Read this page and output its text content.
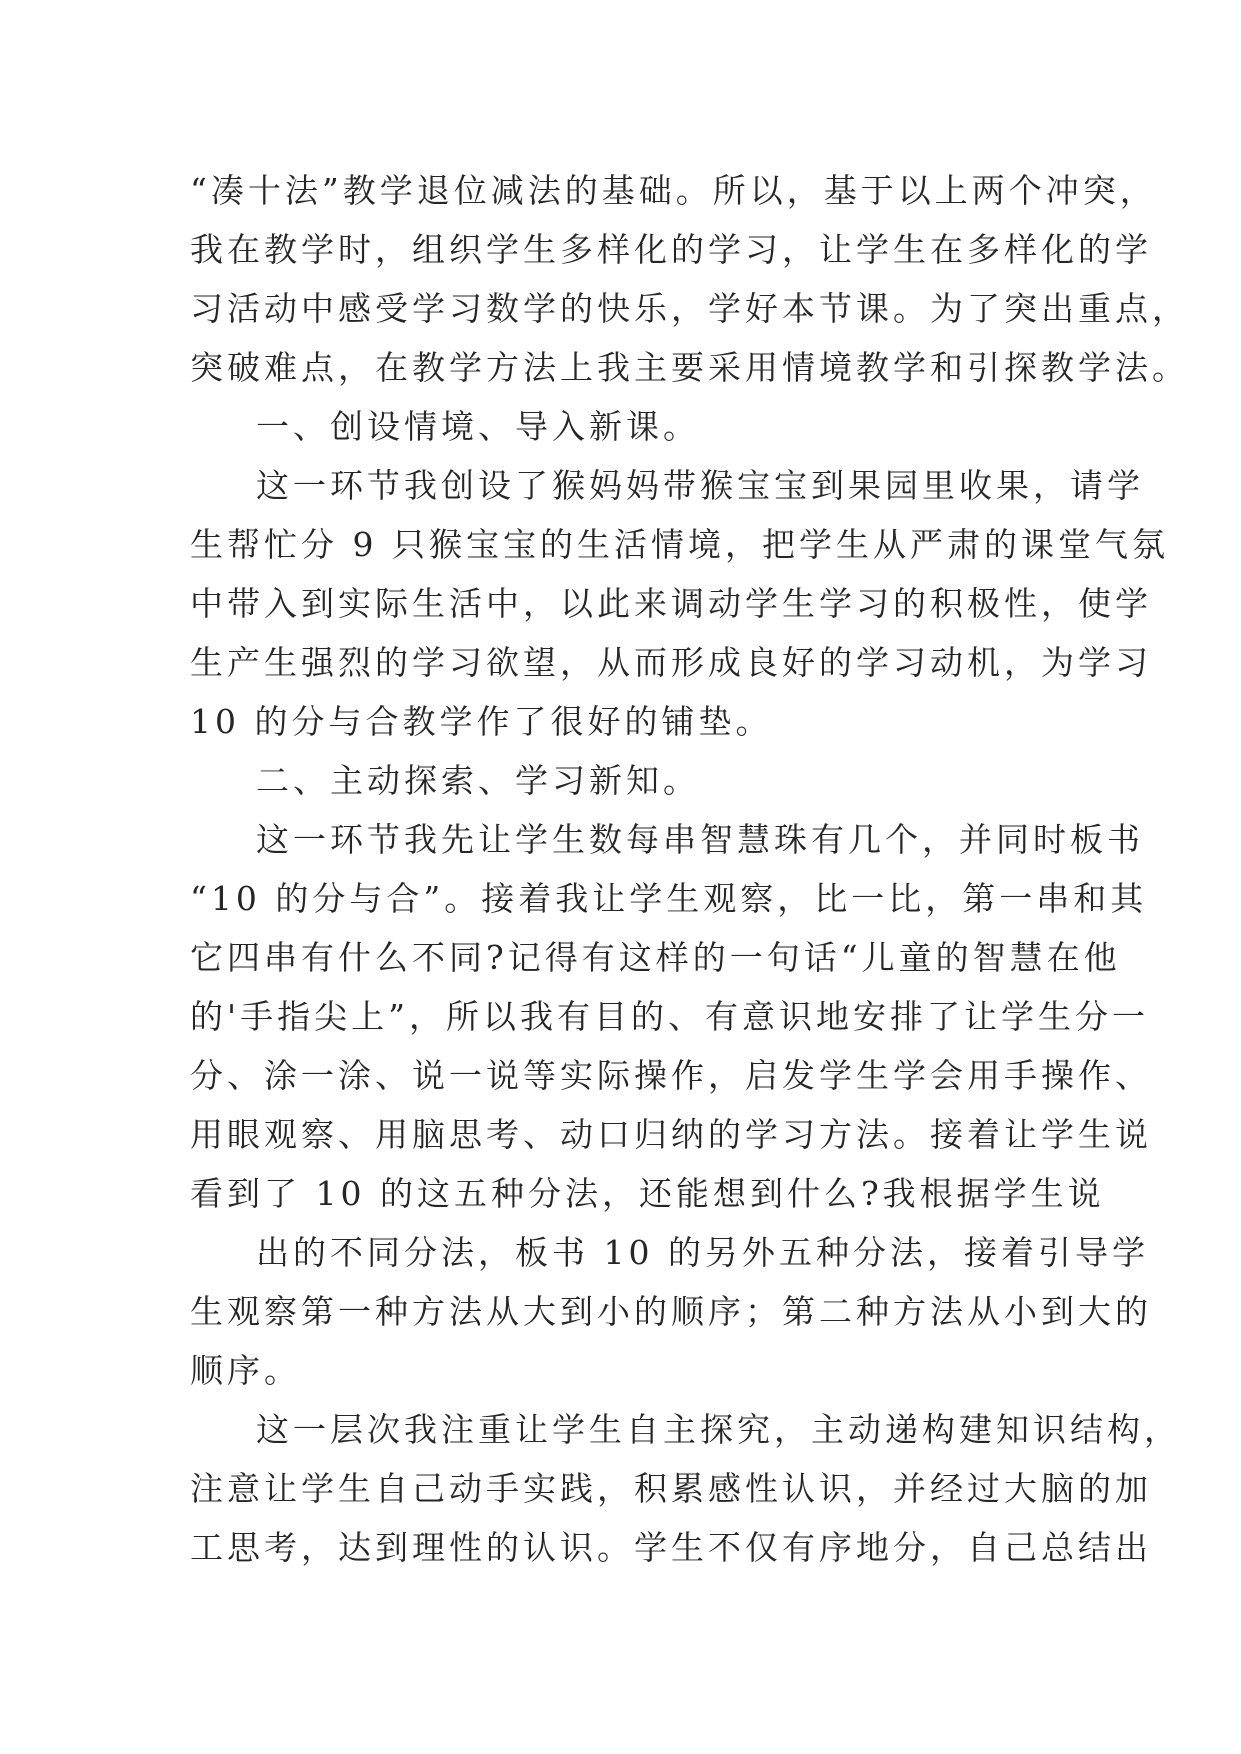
“凑十法”教学退位减法的基础。所以，基于以上两个冲突，
我在教学时，组织学生多样化的学习，让学生在多样化的学
习活动中感受学习数学的快乐，学好本节课。为了突出重点，
突破难点，在教学方法上我主要采用情境教学和引探教学法。
一、创设情境、导入新课。
这一环节我创设了猴妈妈带猴宝宝到果园里收果，请学
生帮忙分 9 只猴宝宝的生活情境，把学生从严肃的课堂气氛
中带入到实际生活中，以此来调动学生学习的积极性，使学
生产生强烈的学习欲望，从而形成良好的学习动机，为学习
10 的分与合教学作了很好的铺垫。
二、主动探索、学习新知。
这一环节我先让学生数每串智慧珠有几个，并同时板书
“10 的分与合”。接着我让学生观察，比一比，第一串和其
它四串有什么不同?记得有这样的一句话“儿童的智慧在他
的'手指尖上”，所以我有目的、有意识地安排了让学生分一
分、涂一涂、说一说等实际操作，启发学生学会用手操作、
用眼观察、用脑思考、动口归纳的学习方法。接着让学生说
看到了 10 的这五种分法，还能想到什么?我根据学生说
出的不同分法，板书 10 的另外五种分法，接着引导学
生观察第一种方法从大到小的顺序；第二种方法从小到大的
顺序。
这一层次我注重让学生自主探究，主动递构建知识结构，
注意让学生自己动手实践，积累感性认识，并经过大脑的加
工思考，达到理性的认识。学生不仅有序地分，自己总结出
